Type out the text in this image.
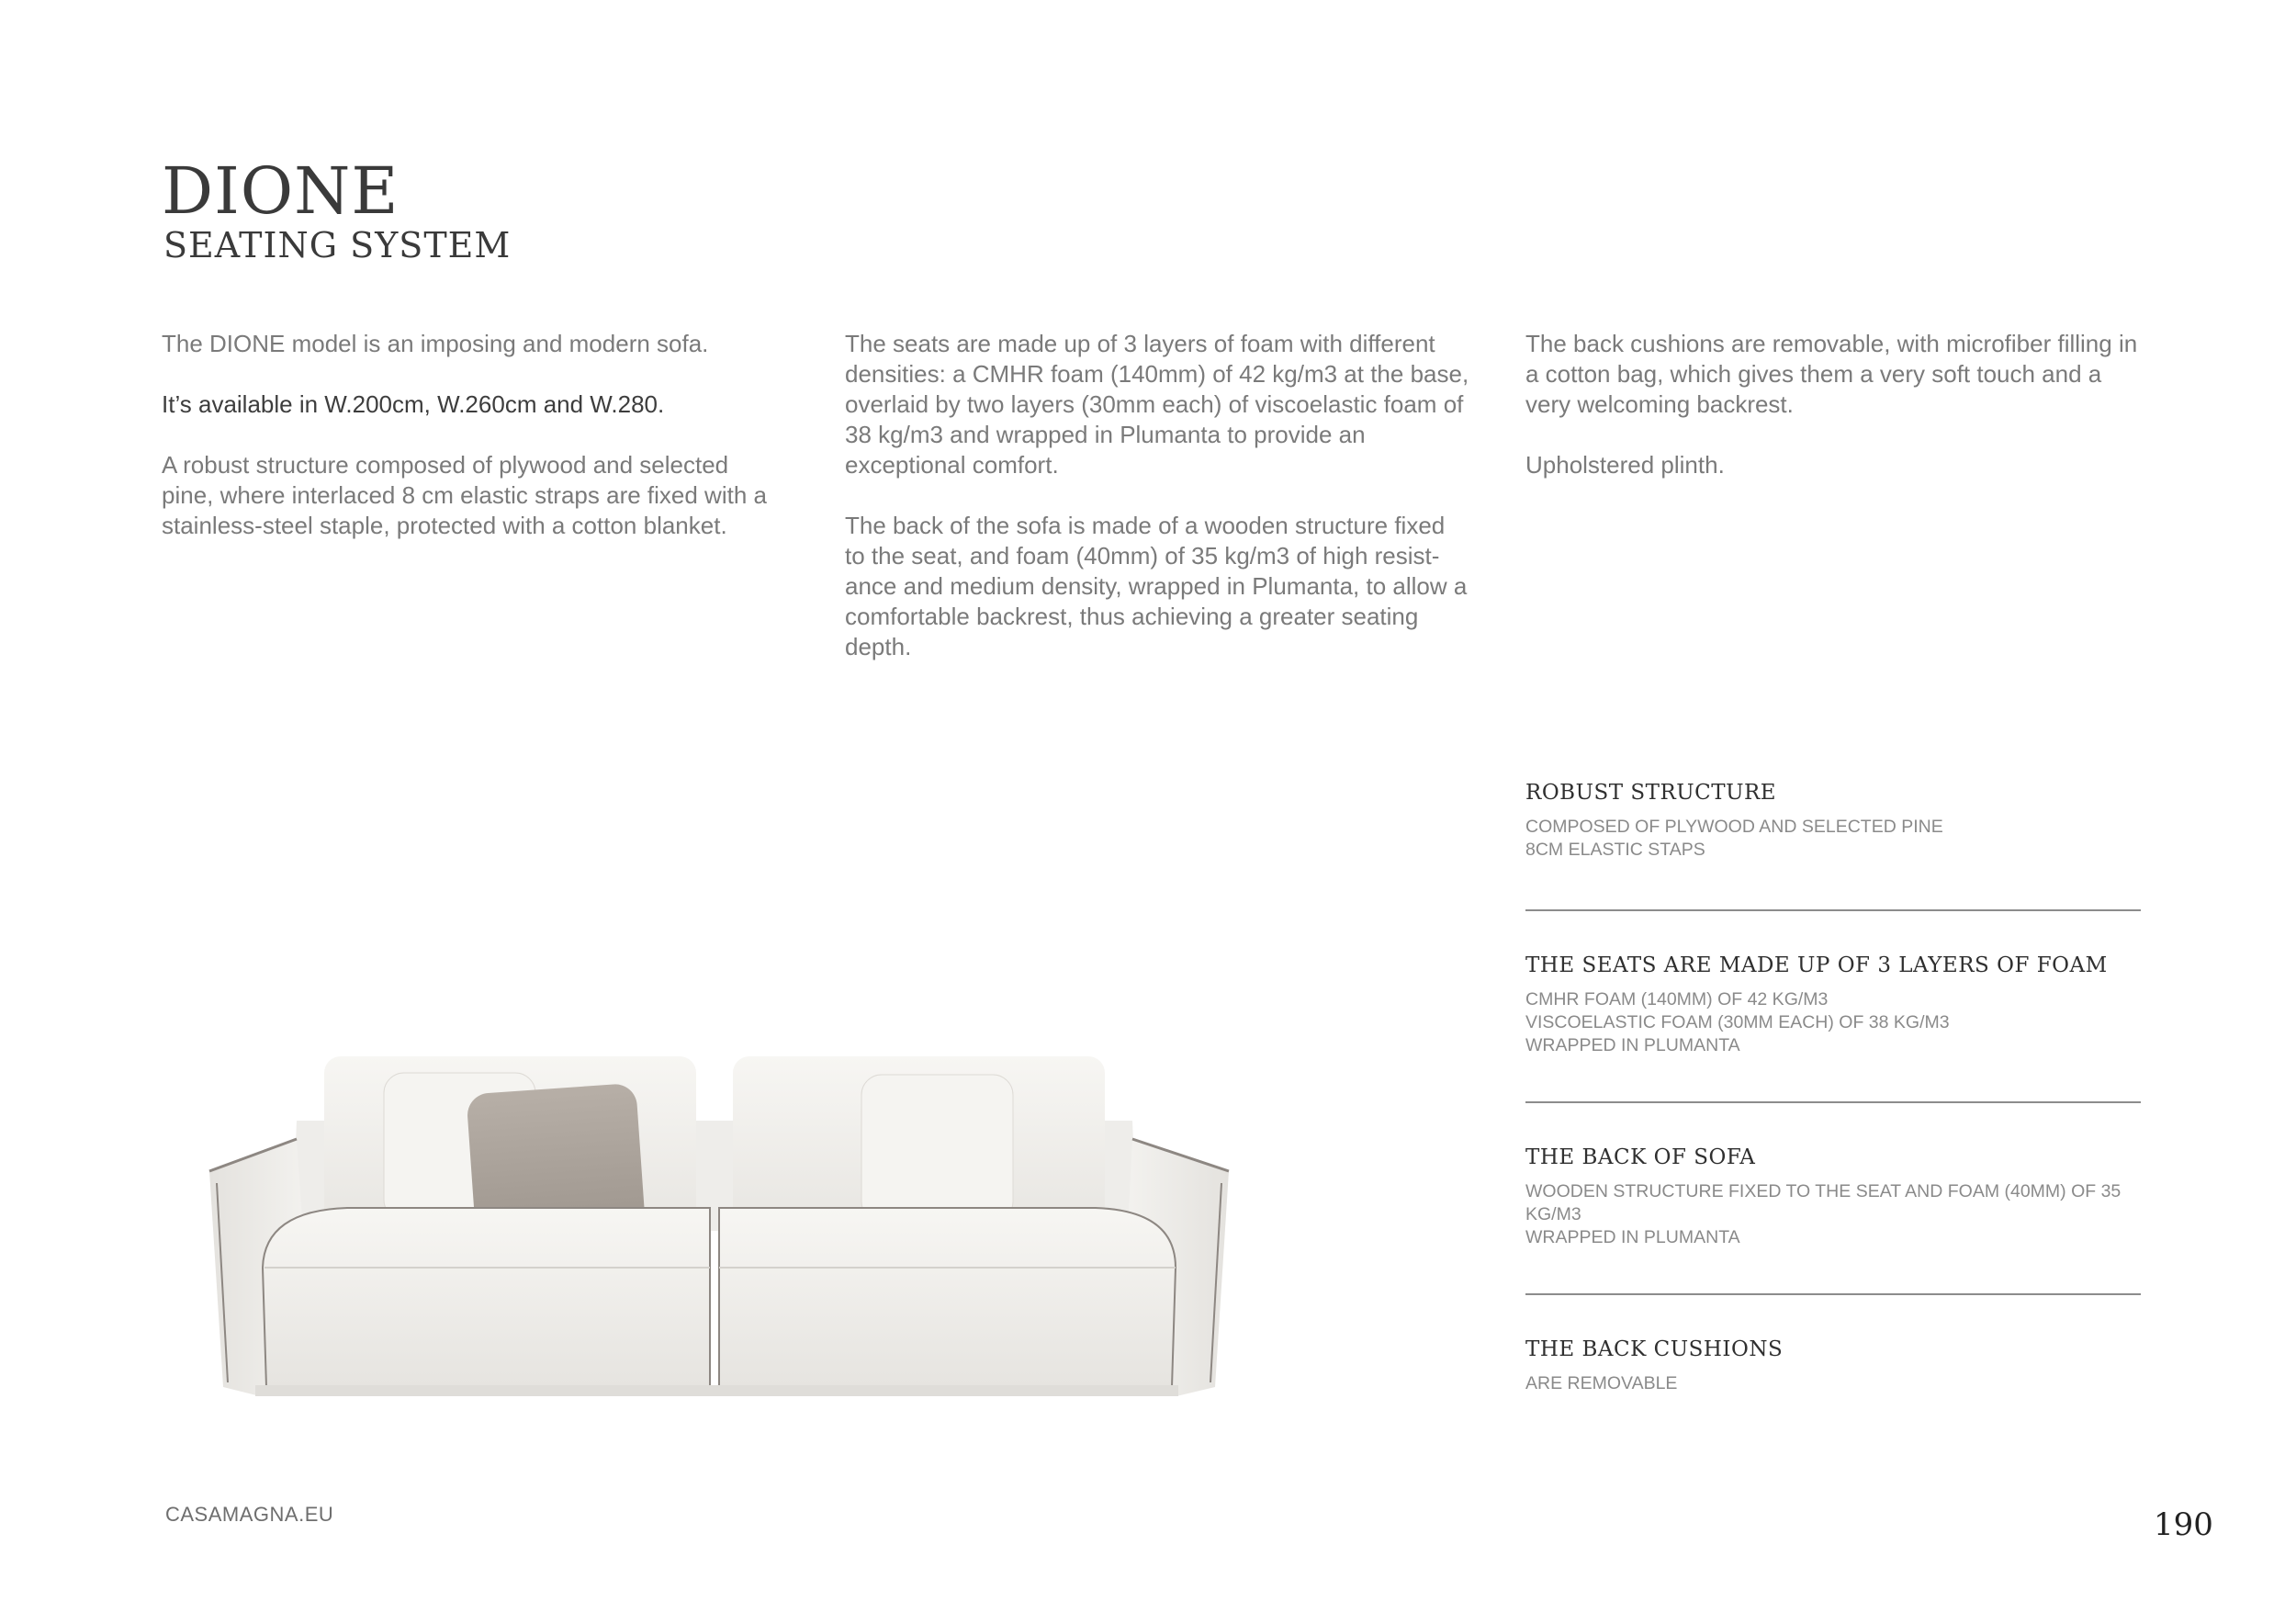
DIONE
SEATING SYSTEM

The DIONE model is an imposing and modern sofa.

It’s available in W.200cm, W.260cm and W.280.

A robust structure composed of plywood and selected pine, where interlaced 8 cm elastic straps are fixed with a stainless-steel staple, protected with a cotton blanket.

The seats are made up of 3 layers of foam with different densities: a CMHR foam (140mm) of 42 kg/m3 at the base, overlaid by two layers (30mm each) of viscoelastic foam of 38 kg/m3 and wrapped in Plumanta to provide an exceptional comfort.

The back of the sofa is made of a wooden structure fixed to the seat, and foam (40mm) of 35 kg/m3 of high resist-ance and medium density, wrapped in Plumanta, to allow a comfortable backrest, thus achieving a greater seating depth.

The back cushions are removable, with microfiber filling in a cotton bag, which gives them a very soft touch and a very welcoming backrest.

Upholstered plinth.

ROBUST STRUCTURE
COMPOSED OF PLYWOOD AND SELECTED PINE
8CM ELASTIC STAPS
THE SEATS ARE MADE UP OF 3 LAYERS OF FOAM
CMHR FOAM (140MM) OF 42 KG/M3
VISCOELASTIC FOAM (30MM EACH) OF 38 KG/M3
WRAPPED IN PLUMANTA
THE BACK OF SOFA
WOODEN STRUCTURE FIXED TO THE SEAT AND FOAM (40MM) OF 35 KG/M3
WRAPPED IN PLUMANTA
THE BACK CUSHIONS
ARE REMOVABLE
CASAMAGNA.EU	190
